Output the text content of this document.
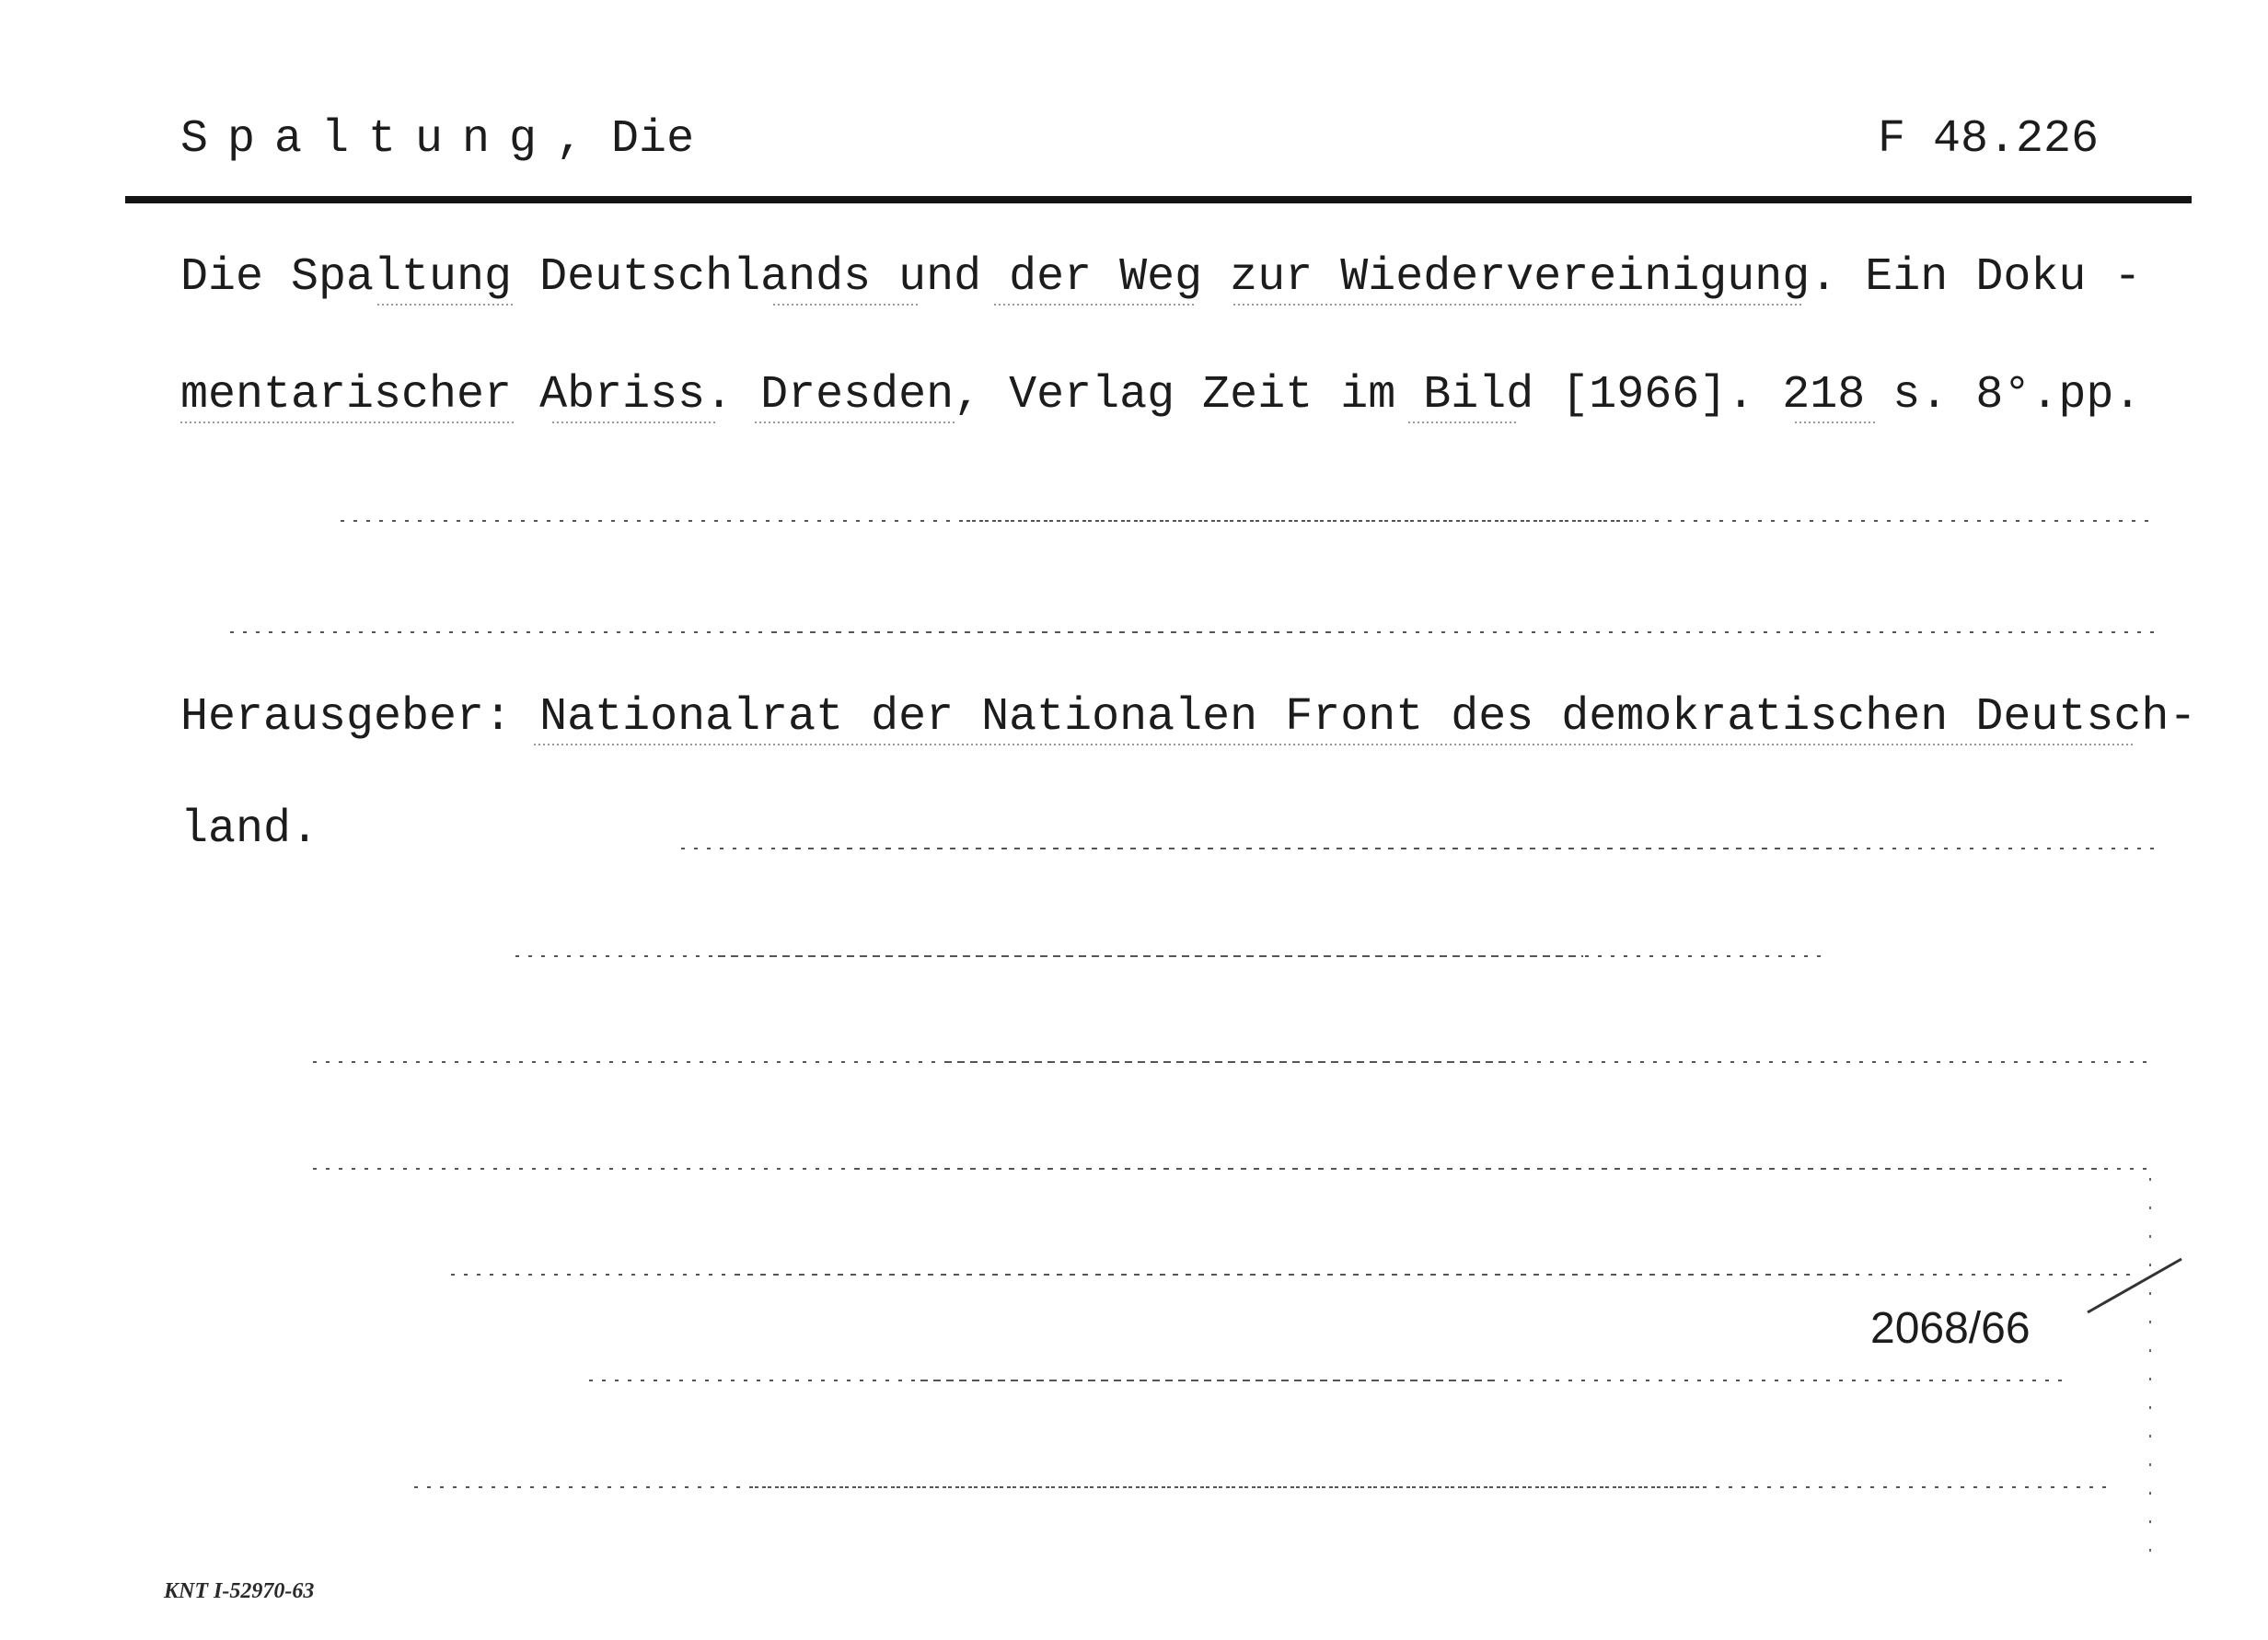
Spaltung, Die	F 48.226
Die Spaltung Deutschlands und der Weg zur Wiedervereinigung. Ein Doku -
mentarischer Abriss. Dresden, Verlag Zeit im Bild [1966]. 218 s. 8°.pp.
Herausgeber: Nationalrat der Nationalen Front des demokratischen Deutsch-
land.
2068/66
KNT I-52970-63
